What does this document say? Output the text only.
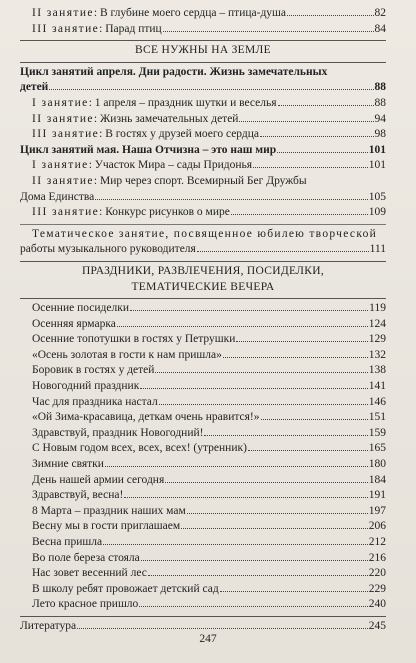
II занятие: В глубине моего сердца – птица-душа	82
III занятие: Парад птиц	84
ВСЕ НУЖНЫ НА ЗЕМЛЕ
Цикл занятий апреля. Дни радости. Жизнь замечательных
детей	88
I занятие: 1 апреля – праздник шутки и веселья	88
II занятие: Жизнь замечательных детей	94
III занятие: В гостях у друзей моего сердца	98
Цикл занятий мая. Наша Отчизна – это наш мир	101
I занятие: Участок Мира – сады Придонья	101
II занятие: Мир через спорт. Всемирный Бег Дружбы
Дома Единства	105
III занятие: Конкурс рисунков о мире	109
Тематическое занятие, посвященное юбилею творческой
работы музыкального руководителя	111
ПРАЗДНИКИ, РАЗВЛЕЧЕНИЯ, ПОСИДЕЛКИ,
ТЕМАТИЧЕСКИЕ ВЕЧЕРА
Осенние посиделки	119
Осенняя ярмарка	124
Осенние топотушки в гостях у Петрушки	129
«Осень золотая в гости к нам пришла»	132
Боровик в гостях у детей	138
Новогодний праздник	141
Час для праздника настал	146
«Ой Зима-красавица, деткам очень нравится!»	151
Здравствуй, праздник Новогодний!	159
С Новым годом всех, всех, всех! (утренник)	165
Зимние святки	180
День нашей армии сегодня	184
Здравствуй, весна!	191
8 Марта – праздник наших мам	197
Весну мы в гости приглашаем	206
Весна пришла	212
Во поле береза стояла	216
Нас зовет весенний лес	220
В школу ребят провожает детский сад	229
Лето красное пришло	240
Литература	245
247
